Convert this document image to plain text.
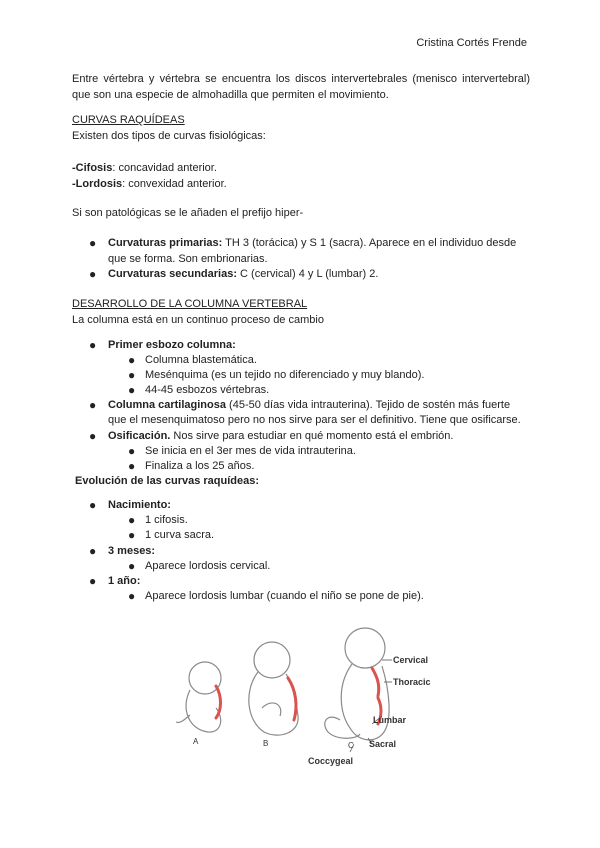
Cristina Cortés Frende
Entre vértebra y vértebra se encuentra los discos intervertebrales (menisco intervertebral) que son una especie de almohadilla que permiten el movimiento.
CURVAS RAQUÍDEAS
Existen dos tipos de curvas fisiológicas:
-Cifosis: concavidad anterior.
-Lordosis: convexidad anterior.
Si son patológicas se le añaden el prefijo hiper-
● Curvaturas primarias: TH 3 (torácica) y S 1 (sacra). Aparece en el individuo desde
que se forma. Son embrionarias.
● Curvaturas secundarias: C (cervical) 4 y L (lumbar) 2.
DESARROLLO DE LA COLUMNA VERTEBRAL
La columna está en un continuo proceso de cambio
● Primer esbozo columna:
● Columna blastemática.
● Mesénquima (es un tejido no diferenciado y muy blando).
● 44-45 esbozos vértebras.
● Columna cartilaginosa (45-50 días vida intrauterina). Tejido de sostén más fuerte
que el mesenquimatoso pero no nos sirve para ser el definitivo. Tiene que osificarse.
● Osificación. Nos sirve para estudiar en qué momento está el embrión.
● Se inicia en el 3er mes de vida intrauterina.
● Finaliza a los 25 años.
Evolución de las curvas raquídeas:
● Nacimiento:
● 1 cifosis.
● 1 curva sacra.
● 3 meses:
● Aparece lordosis cervical.
● 1 año:
● Aparece lordosis lumbar (cuando el niño se pone de pie).
A	B	C
Cervical
Thoracic
Lumbar
Sacral
Coccygeal
